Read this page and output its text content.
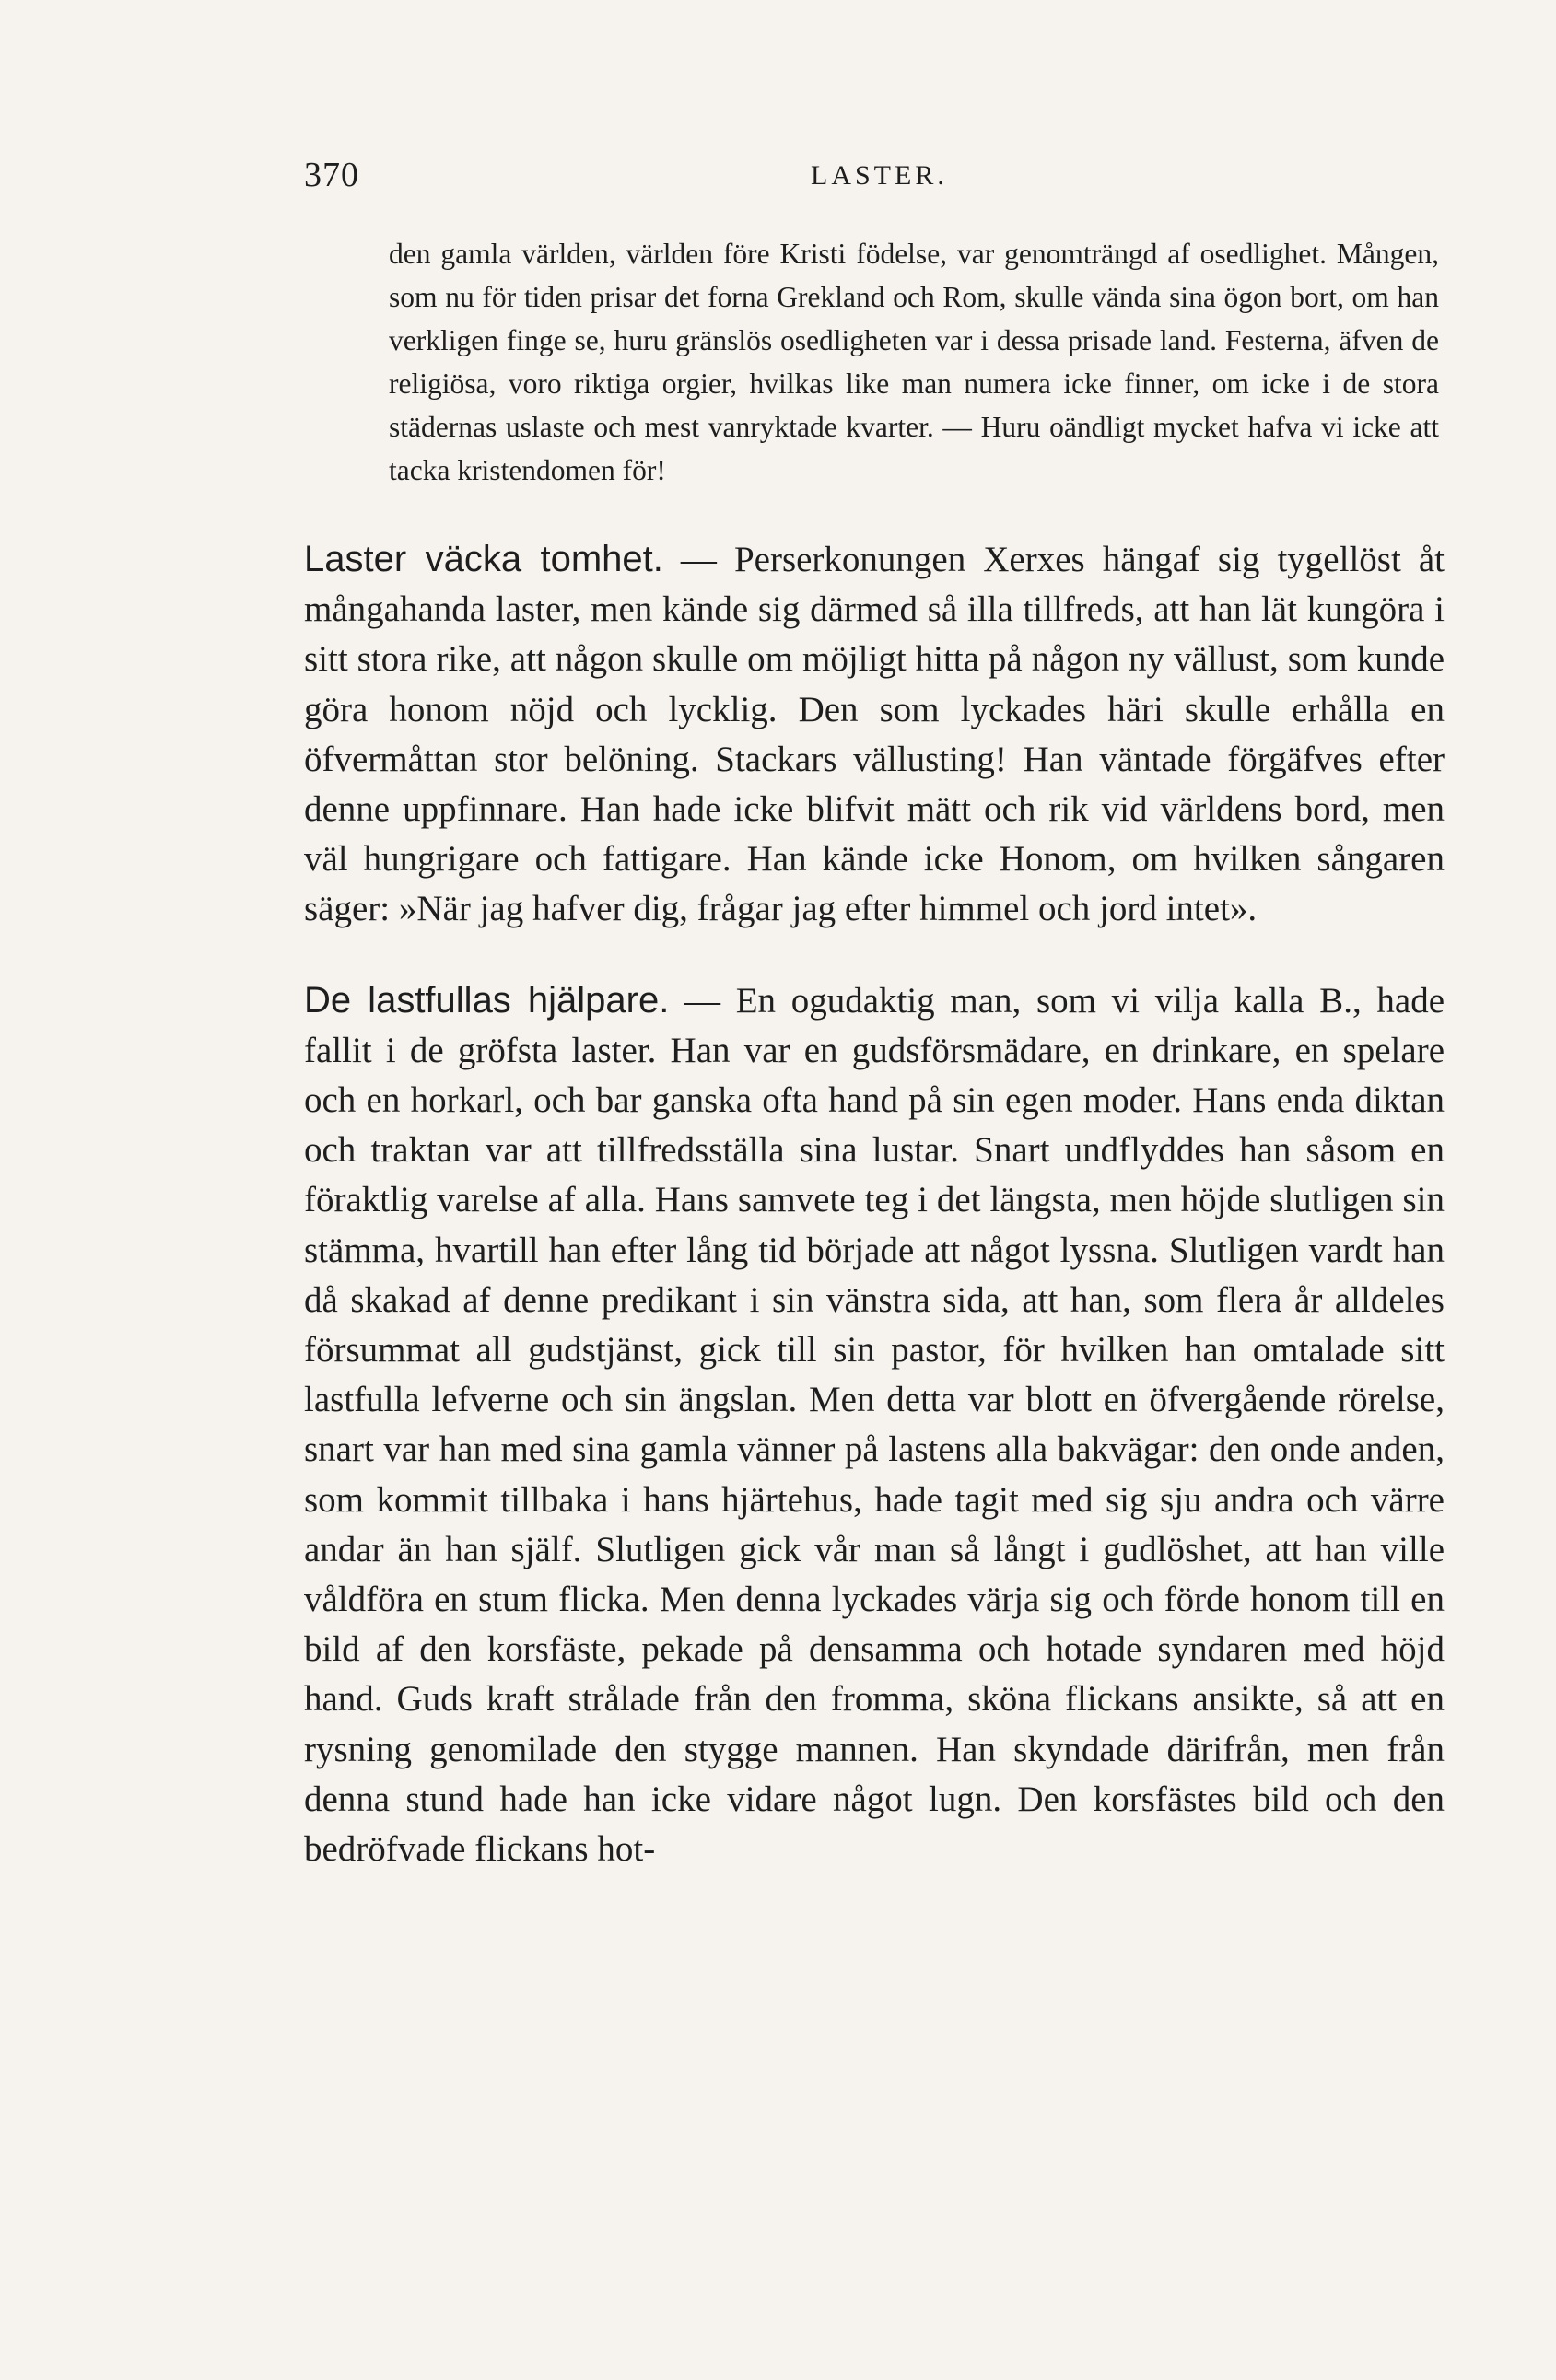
370	LASTER.

den gamla världen, världen före Kristi födelse, var genomträngd af osedlighet. Mången, som nu för tiden prisar det forna Grekland och Rom, skulle vända sina ögon bort, om han verkligen finge se, huru gränslös osedligheten var i dessa prisade land. Festerna, äfven de religiösa, voro riktiga orgier, hvilkas like man numera icke finner, om icke i de stora städernas uslaste och mest vanryktade kvarter. — Huru oändligt mycket hafva vi icke att tacka kristendomen för!

Laster väcka tomhet. — Perserkonungen Xerxes hängaf sig tygellöst åt mångahanda laster, men kände sig därmed så illa tillfreds, att han lät kungöra i sitt stora rike, att någon skulle om möjligt hitta på någon ny vällust, som kunde göra honom nöjd och lycklig. Den som lyckades häri skulle erhålla en öfvermåttan stor belöning. Stackars vällusting! Han väntade förgäfves efter denne uppfinnare. Han hade icke blifvit mätt och rik vid världens bord, men väl hungrigare och fattigare. Han kände icke Honom, om hvilken sångaren säger: »När jag hafver dig, frågar jag efter himmel och jord intet».

De lastfullas hjälpare. — En ogudaktig man, som vi vilja kalla B., hade fallit i de gröfsta laster. Han var en gudsförsmädare, en drinkare, en spelare och en horkarl, och bar ganska ofta hand på sin egen moder. Hans enda diktan och traktan var att tillfredsställa sina lustar. Snart undflyddes han såsom en föraktlig varelse af alla. Hans samvete teg i det längsta, men höjde slutligen sin stämma, hvartill han efter lång tid började att något lyssna. Slutligen vardt han då skakad af denne predikant i sin vänstra sida, att han, som flera år alldeles försummat all gudstjänst, gick till sin pastor, för hvilken han omtalade sitt lastfulla lefverne och sin ängslan. Men detta var blott en öfvergående rörelse, snart var han med sina gamla vänner på lastens alla bakvägar: den onde anden, som kommit tillbaka i hans hjärtehus, hade tagit med sig sju andra och värre andar än han själf. Slutligen gick vår man så långt i gudlöshet, att han ville våldföra en stum flicka. Men denna lyckades värja sig och förde honom till en bild af den korsfäste, pekade på densamma och hotade syndaren med höjd hand. Guds kraft strålade från den fromma, sköna flickans ansikte, så att en rysning genomilade den stygge mannen. Han skyndade därifrån, men från denna stund hade han icke vidare något lugn. Den korsfästes bild och den bedröfvade flickans hot-
